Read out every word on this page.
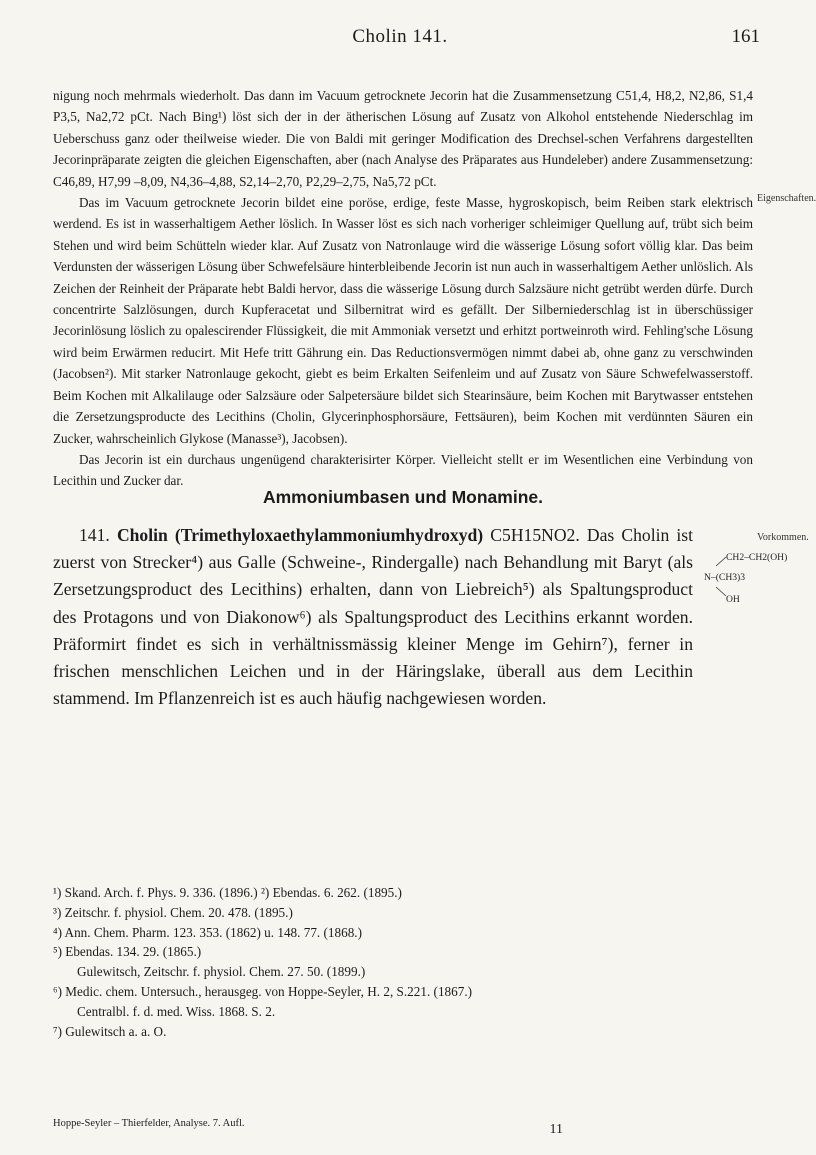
Cholin 141.	161

nigung noch mehrmals wiederholt. Das dann im Vacuum getrocknete Jecorin hat die Zusammensetzung C51,4, H8,2, N2,86, S1,4 P3,5, Na2,72 pCt. Nach Bing¹) löst sich der in der ätherischen Lösung auf Zusatz von Alkohol entstehende Niederschlag im Ueberschuss ganz oder theilweise wieder. Die von Baldi mit geringer Modification des Drechsel-schen Verfahrens dargestellten Jecorinpräparate zeigten die gleichen Eigenschaften, aber (nach Analyse des Präparates aus Hundeleber) andere Zusammensetzung: C46,89, H7,99 –8,09, N4,36–4,88, S2,14–2,70, P2,29–2,75, Na5,72 pCt.

Das im Vacuum getrocknete Jecorin bildet eine poröse, erdige, feste Masse, hygroskopisch, beim Reiben stark elektrisch werdend. Es ist in wasserhaltigem Aether löslich. In Wasser löst es sich nach vorheriger schleimiger Quellung auf, trübt sich beim Stehen und wird beim Schütteln wieder klar. Auf Zusatz von Natronlauge wird die wässerige Lösung sofort völlig klar. Das beim Verdunsten der wässerigen Lösung über Schwefelsäure hinterbleibende Jecorin ist nun auch in wasserhaltigem Aether unlöslich. Als Zeichen der Reinheit der Präparate hebt Baldi hervor, dass die wässerige Lösung durch Salzsäure nicht getrübt werden dürfe. Durch concentrirte Salzlösungen, durch Kupferacetat und Silbernitrat wird es gefällt. Der Silberniederschlag ist in überschüssiger Jecorinlösung löslich zu opalescirender Flüssigkeit, die mit Ammoniak versetzt und erhitzt portweinroth wird. Fehling'sche Lösung wird beim Erwärmen reducirt. Mit Hefe tritt Gährung ein. Das Reductionsvermögen nimmt dabei ab, ohne ganz zu verschwinden (Jacobsen²). Mit starker Natronlauge gekocht, giebt es beim Erkalten Seifenleim und auf Zusatz von Säure Schwefelwasserstoff. Beim Kochen mit Alkalilauge oder Salzsäure oder Salpetersäure bildet sich Stearinsäure, beim Kochen mit Barytwasser entstehen die Zersetzungsproducte des Lecithins (Cholin, Glycerinphosphorsäure, Fettsäuren), beim Kochen mit verdünnten Säuren ein Zucker, wahrscheinlich Glykose (Manasse³), Jacobsen).

Das Jecorin ist ein durchaus ungenügend charakterisirter Körper. Vielleicht stellt er im Wesentlichen eine Verbindung von Lecithin und Zucker dar.

Eigenschaften.
Ammoniumbasen und Monamine.
Vorkommen.
CH2–CH2(OH)
N–(CH3)3
OH

141. Cholin (Trimethyloxaethylammoniumhydroxyd) C5H15NO2. Das Cholin ist zuerst von Strecker⁴) aus Galle (Schweine-, Rindergalle) nach Behandlung mit Baryt (als Zersetzungsproduct des Lecithins) erhalten, dann von Liebreich⁵) als Spaltungsproduct des Protagons und von Diakonow⁶) als Spaltungsproduct des Lecithins erkannt worden. Präformirt findet es sich in verhältnissmässig kleiner Menge im Gehirn⁷), ferner in frischen menschlichen Leichen und in der Häringslake, überall aus dem Lecithin stammend. Im Pflanzenreich ist es auch häufig nachgewiesen worden.

¹) Skand. Arch. f. Phys. 9. 336. (1896.) ²) Ebendas. 6. 262. (1895.)
³) Zeitschr. f. physiol. Chem. 20. 478. (1895.)
⁴) Ann. Chem. Pharm. 123. 353. (1862) u. 148. 77. (1868.)
⁵) Ebendas. 134. 29. (1865.)
Gulewitsch, Zeitschr. f. physiol. Chem. 27. 50. (1899.)
⁶) Medic. chem. Untersuch., herausgeg. von Hoppe-Seyler, H. 2, S.221. (1867.)
Centralbl. f. d. med. Wiss. 1868. S. 2.
⁷) Gulewitsch a. a. O.
Hoppe-Seyler – Thierfelder, Analyse. 7. Aufl.	11
